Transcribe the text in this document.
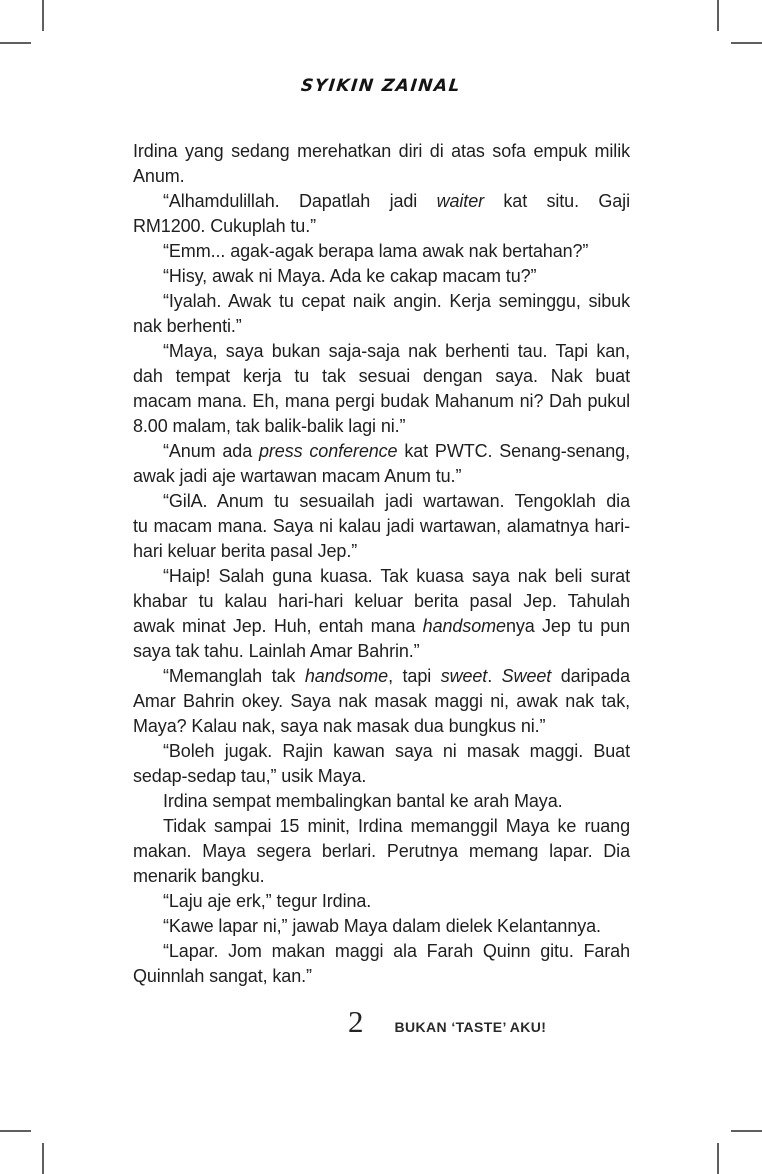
SYIKIN ZAINAL
Irdina yang sedang merehatkan diri di atas sofa empuk milik
Anum.
“Alhamdulillah. Dapatlah jadi waiter kat situ. Gaji
RM1200. Cukuplah tu.”
“Emm... agak-agak berapa lama awak nak bertahan?”
“Hisy, awak ni Maya. Ada ke cakap macam tu?”
“Iyalah. Awak tu cepat naik angin. Kerja seminggu, sibuk
nak berhenti.”
“Maya, saya bukan saja-saja nak berhenti tau. Tapi kan,
dah tempat kerja tu tak sesuai dengan saya. Nak buat
macam mana. Eh, mana pergi budak Mahanum ni? Dah pukul
8.00 malam, tak balik-balik lagi ni.”
“Anum ada press conference kat PWTC. Senang-senang,
awak jadi aje wartawan macam Anum tu.”
“GilA. Anum tu sesuailah jadi wartawan. Tengoklah dia
tu macam mana. Saya ni kalau jadi wartawan, alamatnya hari-
hari keluar berita pasal Jep.”
“Haip! Salah guna kuasa. Tak kuasa saya nak beli surat
khabar tu kalau hari-hari keluar berita pasal Jep. Tahulah
awak minat Jep. Huh, entah mana handsomenya Jep tu pun
saya tak tahu. Lainlah Amar Bahrin.”
“Memanglah tak handsome, tapi sweet. Sweet daripada
Amar Bahrin okey. Saya nak masak maggi ni, awak nak tak,
Maya? Kalau nak, saya nak masak dua bungkus ni.”
“Boleh jugak. Rajin kawan saya ni masak maggi. Buat
sedap-sedap tau,” usik Maya.
Irdina sempat membalingkan bantal ke arah Maya.
Tidak sampai 15 minit, Irdina memanggil Maya ke ruang
makan. Maya segera berlari. Perutnya memang lapar. Dia
menarik bangku.
“Laju aje erk,” tegur Irdina.
“Kawe lapar ni,” jawab Maya dalam dielek Kelantannya.
“Lapar. Jom makan maggi ala Farah Quinn gitu. Farah
Quinnlah sangat, kan.”
2 BUKAN ‘TASTE’ AKU!
